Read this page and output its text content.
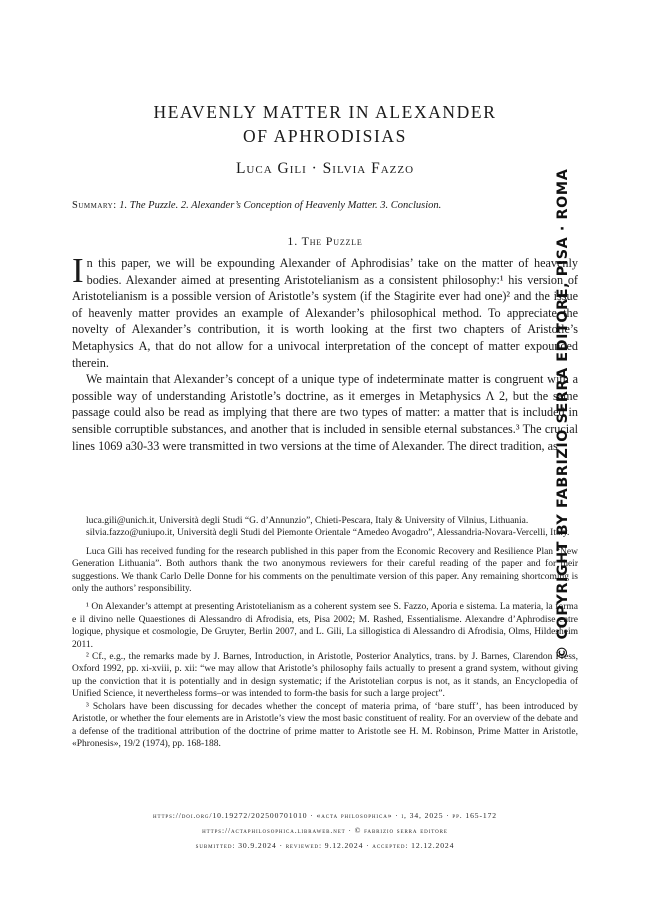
HEAVENLY MATTER IN ALEXANDER
OF APHRODISIAS
Luca Gili · Silvia Fazzo
Summary: 1. The Puzzle. 2. Alexander’s Conception of Heavenly Matter. 3. Conclusion.
1. The Puzzle

In this paper, we will be expounding Alexander of Aphrodisias’ take on the matter of heavenly bodies. Alexander aimed at presenting Aristotelianism as a consistent philosophy:¹ his version of Aristotelianism is a possible version of Aristotle’s system (if the Stagirite ever had one)² and the issue of heavenly matter provides an example of Alexander’s philosophical method. To appreciate the novelty of Alexander’s contribution, it is worth looking at the first two chapters of Aristotle’s Metaphysics Α, that do not allow for a univocal interpretation of the concept of matter expounded therein.

We maintain that Alexander’s concept of a unique type of indeterminate matter is congruent with a possible way of understanding Aristotle’s doctrine, as it emerges in Metaphysics Λ 2, but the same passage could also be read as implying that there are two types of matter: a matter that is included in sensible corruptible substances, and another that is included in sensible eternal substances.³ The crucial lines 1069 a30-33 were transmitted in two versions at the time of Alexander. The direct tradition, as

luca.gili@unich.it, Università degli Studi “G. d’Annunzio”, Chieti-Pescara, Italy & University of Vilnius, Lithuania.

silvia.fazzo@uniupo.it, Università degli Studi del Piemonte Orientale “Amedeo Avogadro”, Alessandria-Novara-Vercelli, Italy.

Luca Gili has received funding for the research published in this paper from the Economic Recovery and Resilience Plan “New Generation Lithuania”. Both authors thank the two anonymous reviewers for their careful reading of the paper and for their suggestions. We thank Carlo Delle Donne for his comments on the penultimate version of this paper. Any remaining shortcoming is only the authors’ responsibility.

¹ On Alexander’s attempt at presenting Aristotelianism as a coherent system see S. Fazzo, Aporia e sistema. La materia, la forma e il divino nelle Quaestiones di Alessandro di Afrodisia, ets, Pisa 2002; M. Rashed, Essentialisme. Alexandre d’Aphrodise entre logique, physique et cosmologie, De Gruyter, Berlin 2007, and L. Gili, La sillogistica di Alessandro di Afrodisia, Olms, Hildesheim 2011.

² Cf., e.g., the remarks made by J. Barnes, Introduction, in Aristotle, Posterior Analytics, trans. by J. Barnes, Clarendon Press, Oxford 1992, pp. xi-xviii, p. xii: “we may allow that Aristotle’s philosophy fails actually to present a grand system, without giving up the conviction that it is potentially and in design systematic; if the Aristotelian corpus is not, as it stands, an Encyclopedia of Unified Science, it nevertheless forms–or was intended to form-the basis for such a large project”.

³ Scholars have been discussing for decades whether the concept of materia prima, of ‘bare stuff’, has been introduced by Aristotle, or whether the four elements are in Aristotle’s view the most basic constituent of reality. For an overview of the debate and a defense of the traditional attribution of the doctrine of prime matter to Aristotle see H. M. Robinson, Prime Matter in Aristotle, «Phronesis», 19/2 (1974), pp. 168-188.

https://doi.org/10.19272/202500701010 · «acta philosophica» · i, 34, 2025 · pp. 165-172
https://actaphilosophica.libraweb.net · © fabrizio serra editore
submitted: 30.9.2024 · reviewed: 9.12.2024 · accepted: 12.12.2024
© COPYRIGHT BY FABRIZIO SERRA EDITORE, PISA · ROMA
